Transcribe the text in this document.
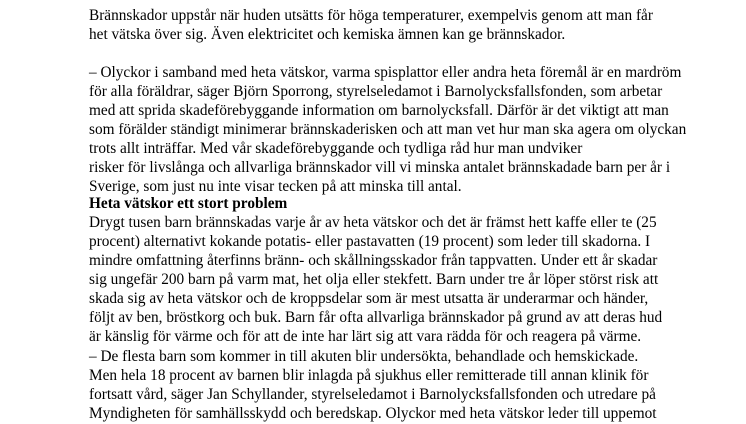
Brännskador uppstår när huden utsätts för höga temperaturer, exempelvis genom att man får
het vätska över sig. Även elektricitet och kemiska ämnen kan ge brännskador.
– Olyckor i samband med heta vätskor, varma spisplattor eller andra heta föremål är en mardröm
för alla föräldrar, säger Björn Sporrong, styrelseledamot i Barnolycksfallsfonden, som arbetar
med att sprida skadeförebyggande information om barnolycksfall. Därför är det viktigt att man
som förälder ständigt minimerar brännskaderisken och att man vet hur man ska agera om olyckan
trots allt inträffar. Med vår skadeförebyggande och tydliga råd hur man undviker
risker för livslånga och allvarliga brännskador vill vi minska antalet brännskadade barn per år i
Sverige, som just nu inte visar tecken på att minska till antal.
Heta vätskor ett stort problem
Drygt tusen barn brännskadas varje år av heta vätskor och det är främst hett kaffe eller te (25
procent) alternativt kokande potatis- eller pastavatten (19 procent) som leder till skadorna. I
mindre omfattning återfinns bränn- och skållningsskador från tappvatten. Under ett år skadar
sig ungefär 200 barn på varm mat, het olja eller stekfett. Barn under tre år löper störst risk att
skada sig av heta vätskor och de kroppsdelar som är mest utsatta är underarmar och händer,
följt av ben, bröstkorg och buk. Barn får ofta allvarliga brännskador på grund av att deras hud
är känslig för värme och för att de inte har lärt sig att vara rädda för och reagera på värme.
– De flesta barn som kommer in till akuten blir undersökta, behandlade och hemskickade.
Men hela 18 procent av barnen blir inlagda på sjukhus eller remitterade till annan klinik för
fortsatt vård, säger Jan Schyllander, styrelseledamot i Barnolycksfallsfonden och utredare på
Myndigheten för samhällsskydd och beredskap. Olyckor med heta vätskor leder till uppemot
